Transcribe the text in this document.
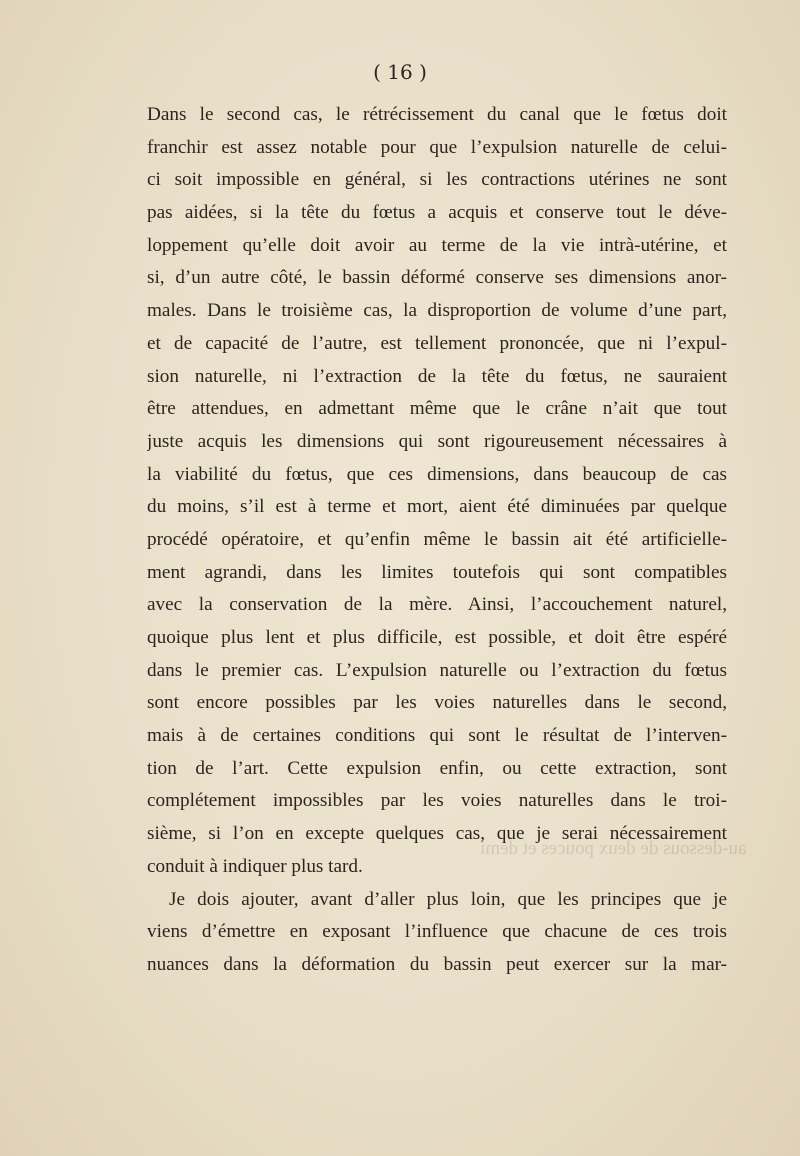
( 16 )
au-dessous de deux pouces et demi
Dans le second cas, le rétrécissement du canal que le fœtus doit
franchir est assez notable pour que l’expulsion naturelle de celui-
ci soit impossible en général, si les contractions utérines ne sont
pas aidées, si la tête du fœtus a acquis et conserve tout le déve-
loppement qu’elle doit avoir au terme de la vie intrà-utérine, et
si, d’un autre côté, le bassin déformé conserve ses dimensions anor-
males. Dans le troisième cas, la disproportion de volume d’une part,
et de capacité de l’autre, est tellement prononcée, que ni l’expul-
sion naturelle, ni l’extraction de la tête du fœtus, ne sauraient
être attendues, en admettant même que le crâne n’ait que tout
juste acquis les dimensions qui sont rigoureusement nécessaires à
la viabilité du fœtus, que ces dimensions, dans beaucoup de cas
du moins, s’il est à terme et mort, aient été diminuées par quelque
procédé opératoire, et qu’enfin même le bassin ait été artificielle-
ment agrandi, dans les limites toutefois qui sont compatibles
avec la conservation de la mère. Ainsi, l’accouchement naturel,
quoique plus lent et plus difficile, est possible, et doit être espéré
dans le premier cas. L’expulsion naturelle ou l’extraction du fœtus
sont encore possibles par les voies naturelles dans le second,
mais à de certaines conditions qui sont le résultat de l’interven-
tion de l’art. Cette expulsion enfin, ou cette extraction, sont
complétement impossibles par les voies naturelles dans le troi-
sième, si l’on en excepte quelques cas, que je serai nécessairement
conduit à indiquer plus tard.
Je dois ajouter, avant d’aller plus loin, que les principes que je
viens d’émettre en exposant l’influence que chacune de ces trois
nuances dans la déformation du bassin peut exercer sur la mar-
